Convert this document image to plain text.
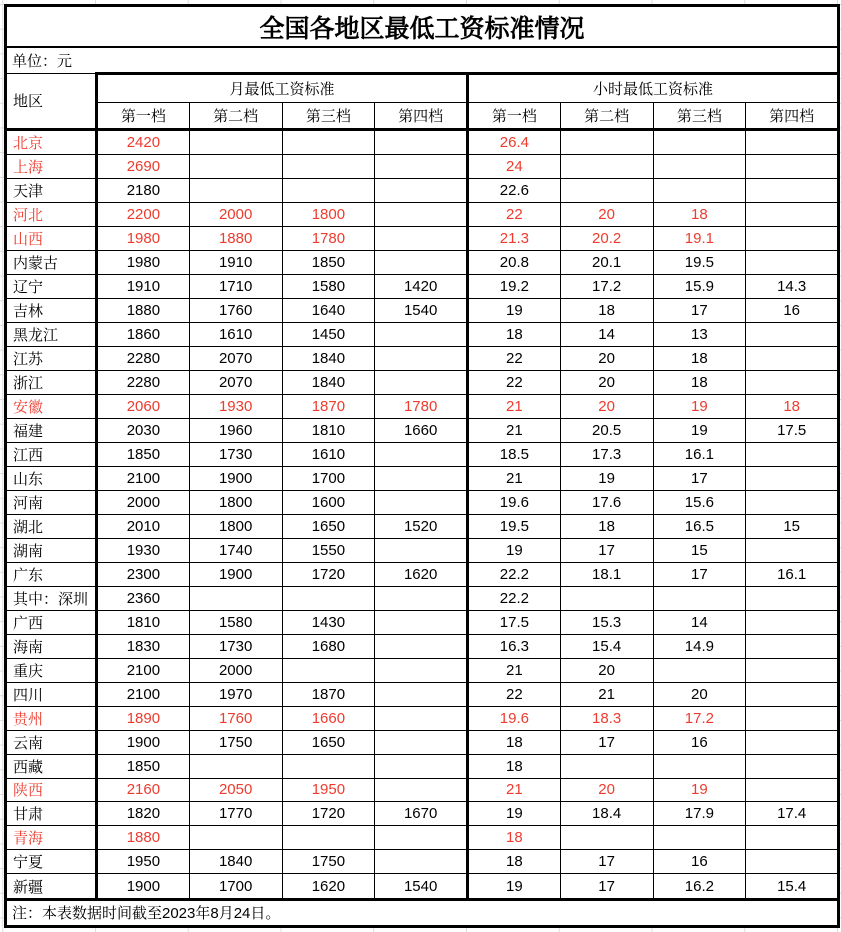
全国各地区最低工资标准情况								
单位：元								
地区	月最低工资标准				小时最低工资标准			
	第一档	第二档	第三档	第四档	第一档	第二档	第三档	第四档
北京	2420				26.4			
上海	2690				24			
天津	2180				22.6			
河北	2200	2000	1800		22	20	18	
山西	1980	1880	1780		21.3	20.2	19.1	
内蒙古	1980	1910	1850		20.8	20.1	19.5	
辽宁	1910	1710	1580	1420	19.2	17.2	15.9	14.3
吉林	1880	1760	1640	1540	19	18	17	16
黑龙江	1860	1610	1450		18	14	13	
江苏	2280	2070	1840		22	20	18	
浙江	2280	2070	1840		22	20	18	
安徽	2060	1930	1870	1780	21	20	19	18
福建	2030	1960	1810	1660	21	20.5	19	17.5
江西	1850	1730	1610		18.5	17.3	16.1	
山东	2100	1900	1700		21	19	17	
河南	2000	1800	1600		19.6	17.6	15.6	
湖北	2010	1800	1650	1520	19.5	18	16.5	15
湖南	1930	1740	1550		19	17	15	
广东	2300	1900	1720	1620	22.2	18.1	17	16.1
其中：深圳	2360				22.2			
广西	1810	1580	1430		17.5	15.3	14	
海南	1830	1730	1680		16.3	15.4	14.9	
重庆	2100	2000			21	20		
四川	2100	1970	1870		22	21	20	
贵州	1890	1760	1660		19.6	18.3	17.2	
云南	1900	1750	1650		18	17	16	
西藏	1850				18			
陕西	2160	2050	1950		21	20	19	
甘肃	1820	1770	1720	1670	19	18.4	17.9	17.4
青海	1880				18			
宁夏	1950	1840	1750		18	17	16	
新疆	1900	1700	1620	1540	19	17	16.2	15.4
注：本表数据时间截至2023年8月24日。								
